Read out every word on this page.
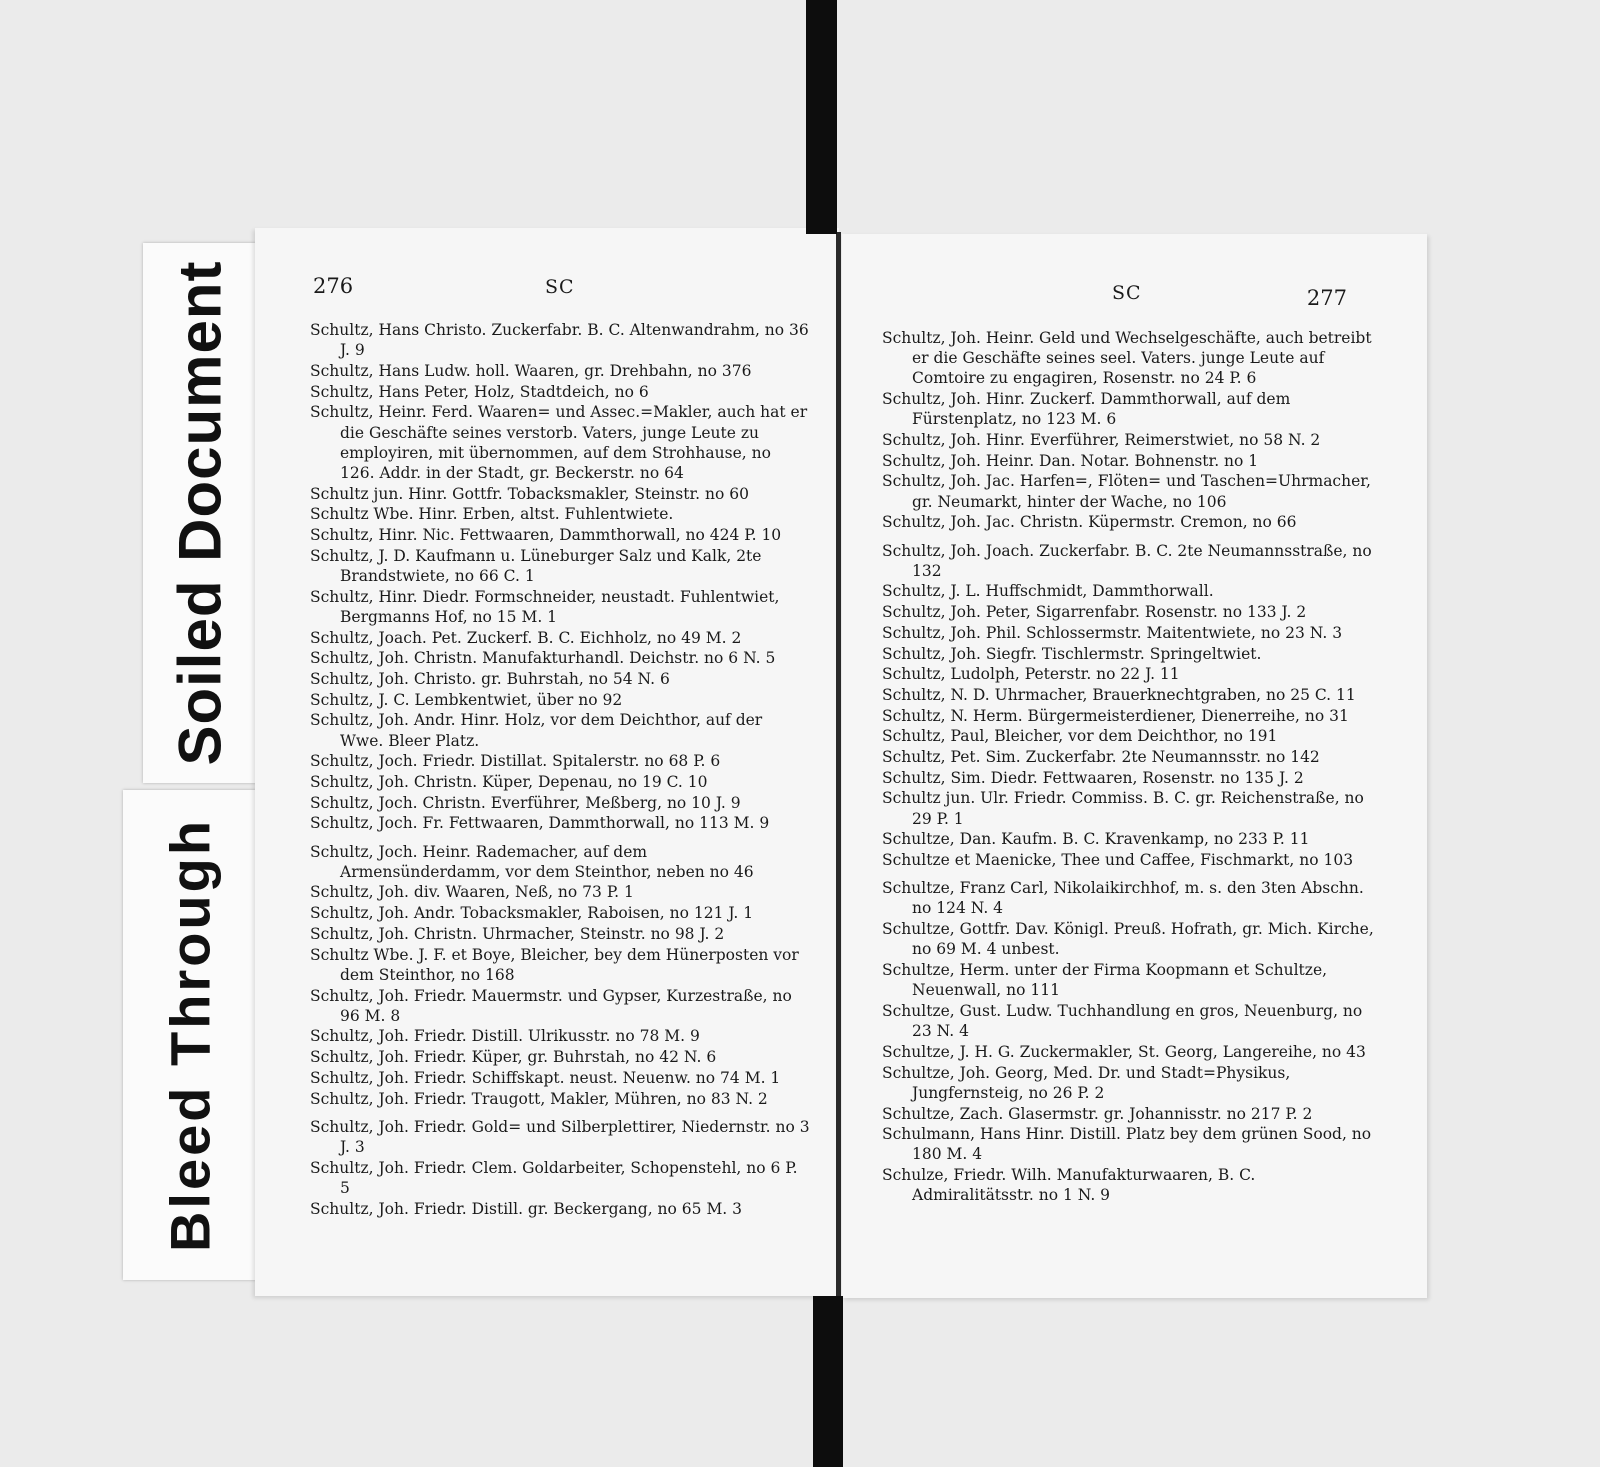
Soiled Document
Bleed Through
276	SC
Schultz, Hans Christo. Zuckerfabr. B. C. Altenwandrahm, no 36 J. 9
Schultz, Hans Ludw. holl. Waaren, gr. Drehbahn, no 376
Schultz, Hans Peter, Holz, Stadtdeich, no 6
Schultz, Heinr. Ferd. Waaren= und Assec.=Makler, auch hat er die Geschäfte seines verstorb. Vaters, junge Leute zu employiren, mit übernommen, auf dem Strohhause, no 126. Addr. in der Stadt, gr. Beckerstr. no 64
Schultz jun. Hinr. Gottfr. Tobacksmakler, Steinstr. no 60
Schultz Wbe. Hinr. Erben, altst. Fuhlentwiete.
Schultz, Hinr. Nic. Fettwaaren, Dammthorwall, no 424 P. 10
Schultz, J. D. Kaufmann u. Lüneburger Salz und Kalk, 2te Brandstwiete, no 66 C. 1
Schultz, Hinr. Diedr. Formschneider, neustadt. Fuhlentwiet, Bergmanns Hof, no 15 M. 1
Schultz, Joach. Pet. Zuckerf. B. C. Eichholz, no 49 M. 2
Schultz, Joh. Christn. Manufakturhandl. Deichstr. no 6 N. 5
Schultz, Joh. Christo. gr. Buhrstah, no 54 N. 6
Schultz, J. C. Lembkentwiet, über no 92
Schultz, Joh. Andr. Hinr. Holz, vor dem Deichthor, auf der Wwe. Bleer Platz.
Schultz, Joch. Friedr. Distillat. Spitalerstr. no 68 P. 6
Schultz, Joh. Christn. Küper, Depenau, no 19 C. 10
Schultz, Joch. Christn. Everführer, Meßberg, no 10 J. 9
Schultz, Joch. Fr. Fettwaaren, Dammthorwall, no 113 M. 9
Schultz, Joch. Heinr. Rademacher, auf dem Armensünderdamm, vor dem Steinthor, neben no 46
Schultz, Joh. div. Waaren, Neß, no 73 P. 1
Schultz, Joh. Andr. Tobacksmakler, Raboisen, no 121 J. 1
Schultz, Joh. Christn. Uhrmacher, Steinstr. no 98 J. 2
Schultz Wbe. J. F. et Boye, Bleicher, bey dem Hünerposten vor dem Steinthor, no 168
Schultz, Joh. Friedr. Mauermstr. und Gypser, Kurzestraße, no 96 M. 8
Schultz, Joh. Friedr. Distill. Ulrikusstr. no 78 M. 9
Schultz, Joh. Friedr. Küper, gr. Buhrstah, no 42 N. 6
Schultz, Joh. Friedr. Schiffskapt. neust. Neuenw. no 74 M. 1
Schultz, Joh. Friedr. Traugott, Makler, Mühren, no 83 N. 2
Schultz, Joh. Friedr. Gold= und Silberplettirer, Niedernstr. no 3 J. 3
Schultz, Joh. Friedr. Clem. Goldarbeiter, Schopenstehl, no 6 P. 5
Schultz, Joh. Friedr. Distill. gr. Beckergang, no 65 M. 3
SC	277
Schultz, Joh. Heinr. Geld und Wechselgeschäfte, auch betreibt er die Geschäfte seines seel. Vaters. junge Leute auf Comtoire zu engagiren, Rosenstr. no 24 P. 6
Schultz, Joh. Hinr. Zuckerf. Dammthorwall, auf dem Fürstenplatz, no 123 M. 6
Schultz, Joh. Hinr. Everführer, Reimerstwiet, no 58 N. 2
Schultz, Joh. Heinr. Dan. Notar. Bohnenstr. no 1
Schultz, Joh. Jac. Harfen=, Flöten= und Taschen=Uhrmacher, gr. Neumarkt, hinter der Wache, no 106
Schultz, Joh. Jac. Christn. Küpermstr. Cremon, no 66
Schultz, Joh. Joach. Zuckerfabr. B. C. 2te Neumannsstraße, no 132
Schultz, J. L. Huffschmidt, Dammthorwall.
Schultz, Joh. Peter, Sigarrenfabr. Rosenstr. no 133 J. 2
Schultz, Joh. Phil. Schlossermstr. Maitentwiete, no 23 N. 3
Schultz, Joh. Siegfr. Tischlermstr. Springeltwiet.
Schultz, Ludolph, Peterstr. no 22 J. 11
Schultz, N. D. Uhrmacher, Brauerknechtgraben, no 25 C. 11
Schultz, N. Herm. Bürgermeisterdiener, Dienerreihe, no 31
Schultz, Paul, Bleicher, vor dem Deichthor, no 191
Schultz, Pet. Sim. Zuckerfabr. 2te Neumannsstr. no 142
Schultz, Sim. Diedr. Fettwaaren, Rosenstr. no 135 J. 2
Schultz jun. Ulr. Friedr. Commiss. B. C. gr. Reichenstraße, no 29 P. 1
Schultze, Dan. Kaufm. B. C. Kravenkamp, no 233 P. 11
Schultze et Maenicke, Thee und Caffee, Fischmarkt, no 103
Schultze, Franz Carl, Nikolaikirchhof, m. s. den 3ten Abschn. no 124 N. 4
Schultze, Gottfr. Dav. Königl. Preuß. Hofrath, gr. Mich. Kirche, no 69 M. 4 unbest.
Schultze, Herm. unter der Firma Koopmann et Schultze, Neuenwall, no 111
Schultze, Gust. Ludw. Tuchhandlung en gros, Neuenburg, no 23 N. 4
Schultze, J. H. G. Zuckermakler, St. Georg, Langereihe, no 43
Schultze, Joh. Georg, Med. Dr. und Stadt=Physikus, Jungfernsteig, no 26 P. 2
Schultze, Zach. Glasermstr. gr. Johannisstr. no 217 P. 2
Schulmann, Hans Hinr. Distill. Platz bey dem grünen Sood, no 180 M. 4
Schulze, Friedr. Wilh. Manufakturwaaren, B. C. Admiralitätsstr. no 1 N. 9
